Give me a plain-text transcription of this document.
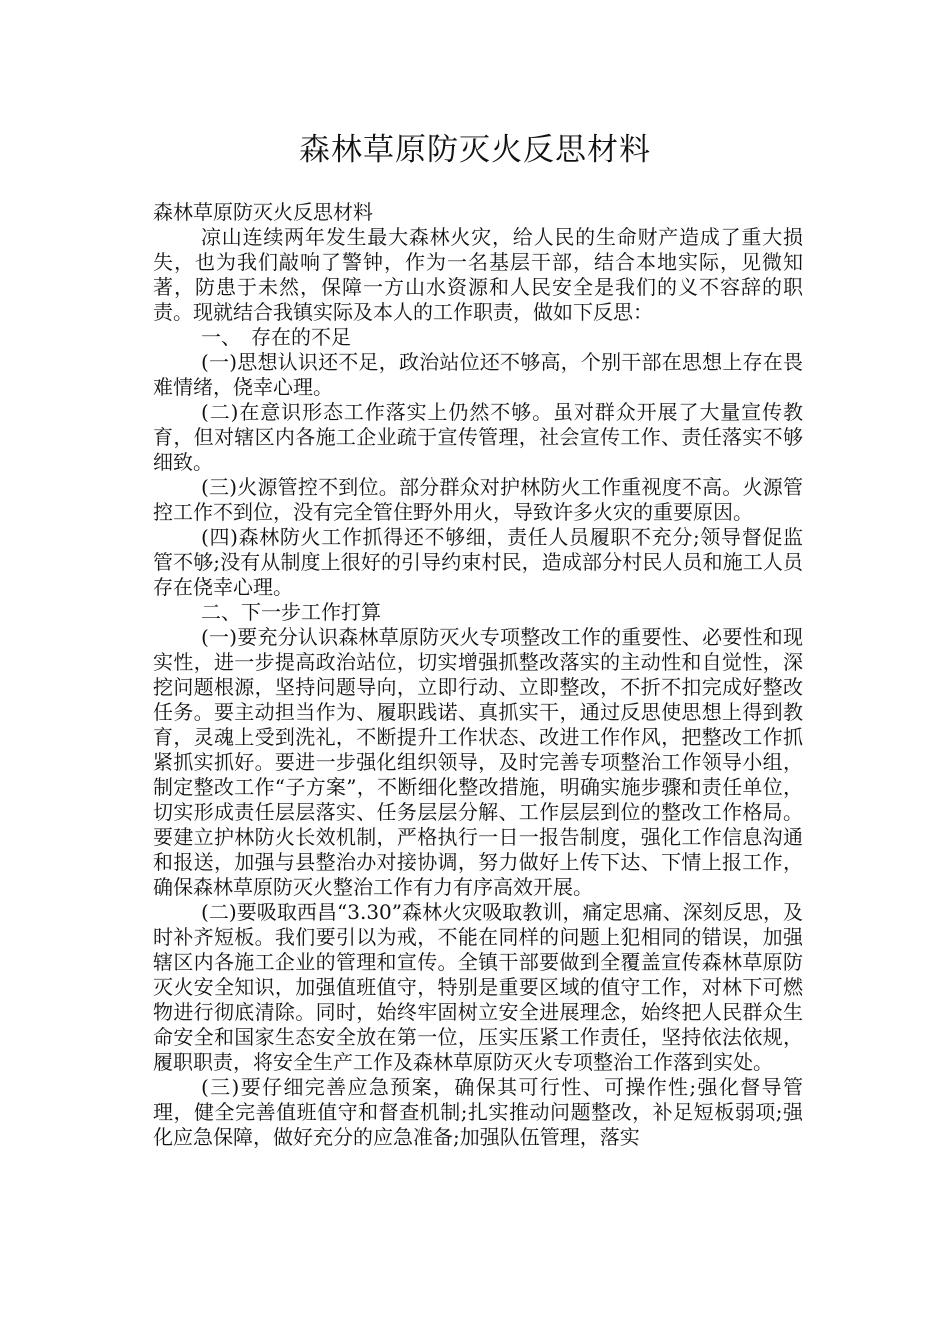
森林草原防灭火反思材料

森林草原防灭火反思材料

凉山连续两年发生最大森林火灾，给人民的生命财产造成了重大损失，也为我们敲响了警钟，作为一名基层干部，结合本地实际，见微知著，防患于未然，保障一方山水资源和人民安全是我们的义不容辞的职责。现就结合我镇实际及本人的工作职责，做如下反思：

一、　存在的不足

(一)思想认识还不足，政治站位还不够高，个别干部在思想上存在畏难情绪，侥幸心理。

(二)在意识形态工作落实上仍然不够。虽对群众开展了大量宣传教育，但对辖区内各施工企业疏于宣传管理，社会宣传工作、责任落实不够细致。

(三)火源管控不到位。部分群众对护林防火工作重视度不高。火源管控工作不到位，没有完全管住野外用火，导致许多火灾的重要原因。

(四)森林防火工作抓得还不够细，责任人员履职不充分;领导督促监管不够;没有从制度上很好的引导约束村民，造成部分村民人员和施工人员存在侥幸心理。

二、下一步工作打算

(一)要充分认识森林草原防灭火专项整改工作的重要性、必要性和现实性，进一步提高政治站位，切实增强抓整改落实的主动性和自觉性，深挖问题根源，坚持问题导向，立即行动、立即整改，不折不扣完成好整改任务。要主动担当作为、履职践诺、真抓实干，通过反思使思想上得到教育，灵魂上受到洗礼，不断提升工作状态、改进工作作风，把整改工作抓紧抓实抓好。要进一步强化组织领导，及时完善专项整治工作领导小组，制定整改工作“子方案”，不断细化整改措施，明确实施步骤和责任单位，切实形成责任层层落实、任务层层分解、工作层层到位的整改工作格局。要建立护林防火长效机制，严格执行一日一报告制度，强化工作信息沟通和报送，加强与县整治办对接协调，努力做好上传下达、下情上报工作，确保森林草原防灭火整治工作有力有序高效开展。

(二)要吸取西昌“3.30”森林火灾吸取教训，痛定思痛、深刻反思，及时补齐短板。我们要引以为戒，不能在同样的问题上犯相同的错误，加强辖区内各施工企业的管理和宣传。全镇干部要做到全覆盖宣传森林草原防灭火安全知识，加强值班值守，特别是重要区域的值守工作，对林下可燃物进行彻底清除。同时，始终牢固树立安全进展理念，始终把人民群众生命安全和国家生态安全放在第一位，压实压紧工作责任，坚持依法依规，履职职责，将安全生产工作及森林草原防灭火专项整治工作落到实处。

(三)要仔细完善应急预案，确保其可行性、可操作性;强化督导管理，健全完善值班值守和督查机制;扎实推动问题整改，补足短板弱项;强化应急保障，做好充分的应急准备;加强队伍管理，落实
